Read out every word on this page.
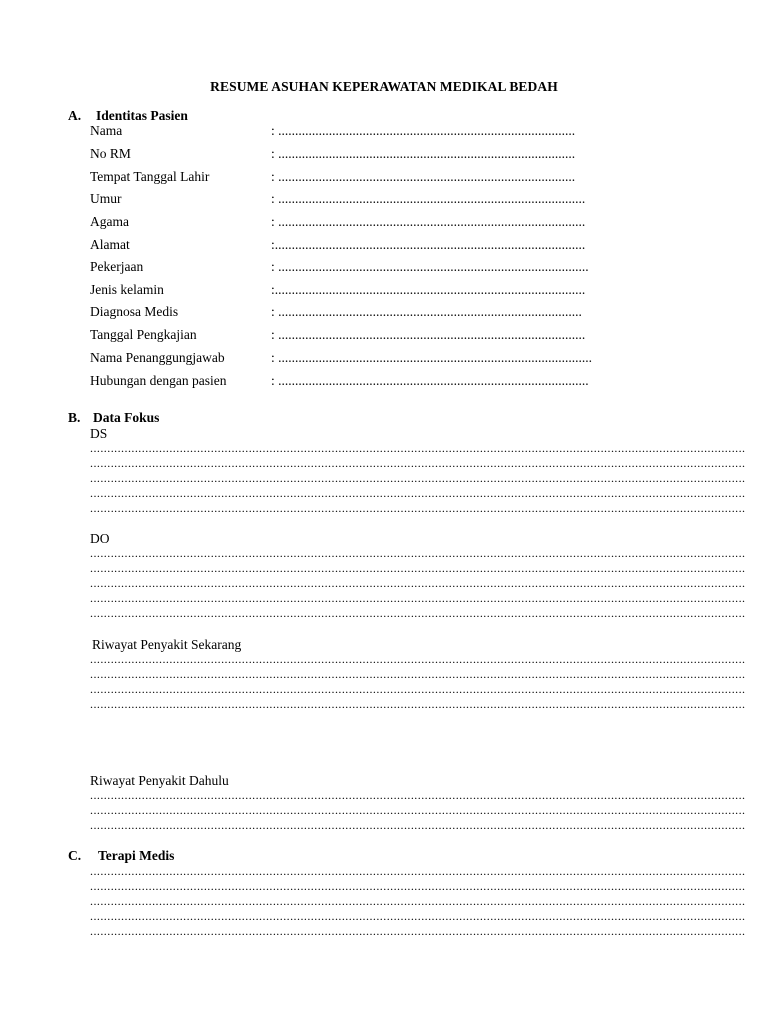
RESUME ASUHAN KEPERAWATAN MEDIKAL BEDAH
A. Identitas Pasien
Nama	: ........................................................................................
No RM	: ........................................................................................
Tempat Tanggal Lahir	: ........................................................................................
Umur	: ...........................................................................................
Agama	: ...........................................................................................
Alamat	:............................................................................................
Pekerjaan	: ............................................................................................
Jenis kelamin	:............................................................................................
Diagnosa Medis	: ..........................................................................................
Tanggal Pengkajian	: ...........................................................................................
Nama Penanggungjawab	: .............................................................................................
Hubungan dengan pasien	: ............................................................................................
B. Data Fokus
DS
..............................................................................................................................................................................................
..............................................................................................................................................................................................
..............................................................................................................................................................................................
..............................................................................................................................................................................................
..............................................................................................................................................................................................
DO
..............................................................................................................................................................................................
..............................................................................................................................................................................................
..............................................................................................................................................................................................
..............................................................................................................................................................................................
..............................................................................................................................................................................................
Riwayat Penyakit Sekarang
..............................................................................................................................................................................................
..............................................................................................................................................................................................
..............................................................................................................................................................................................
..............................................................................................................................................................................................
Riwayat Penyakit Dahulu
..............................................................................................................................................................................................
..............................................................................................................................................................................................
..............................................................................................................................................................................................
C. Terapi Medis
..............................................................................................................................................................................................
..............................................................................................................................................................................................
..............................................................................................................................................................................................
..............................................................................................................................................................................................
..............................................................................................................................................................................................
